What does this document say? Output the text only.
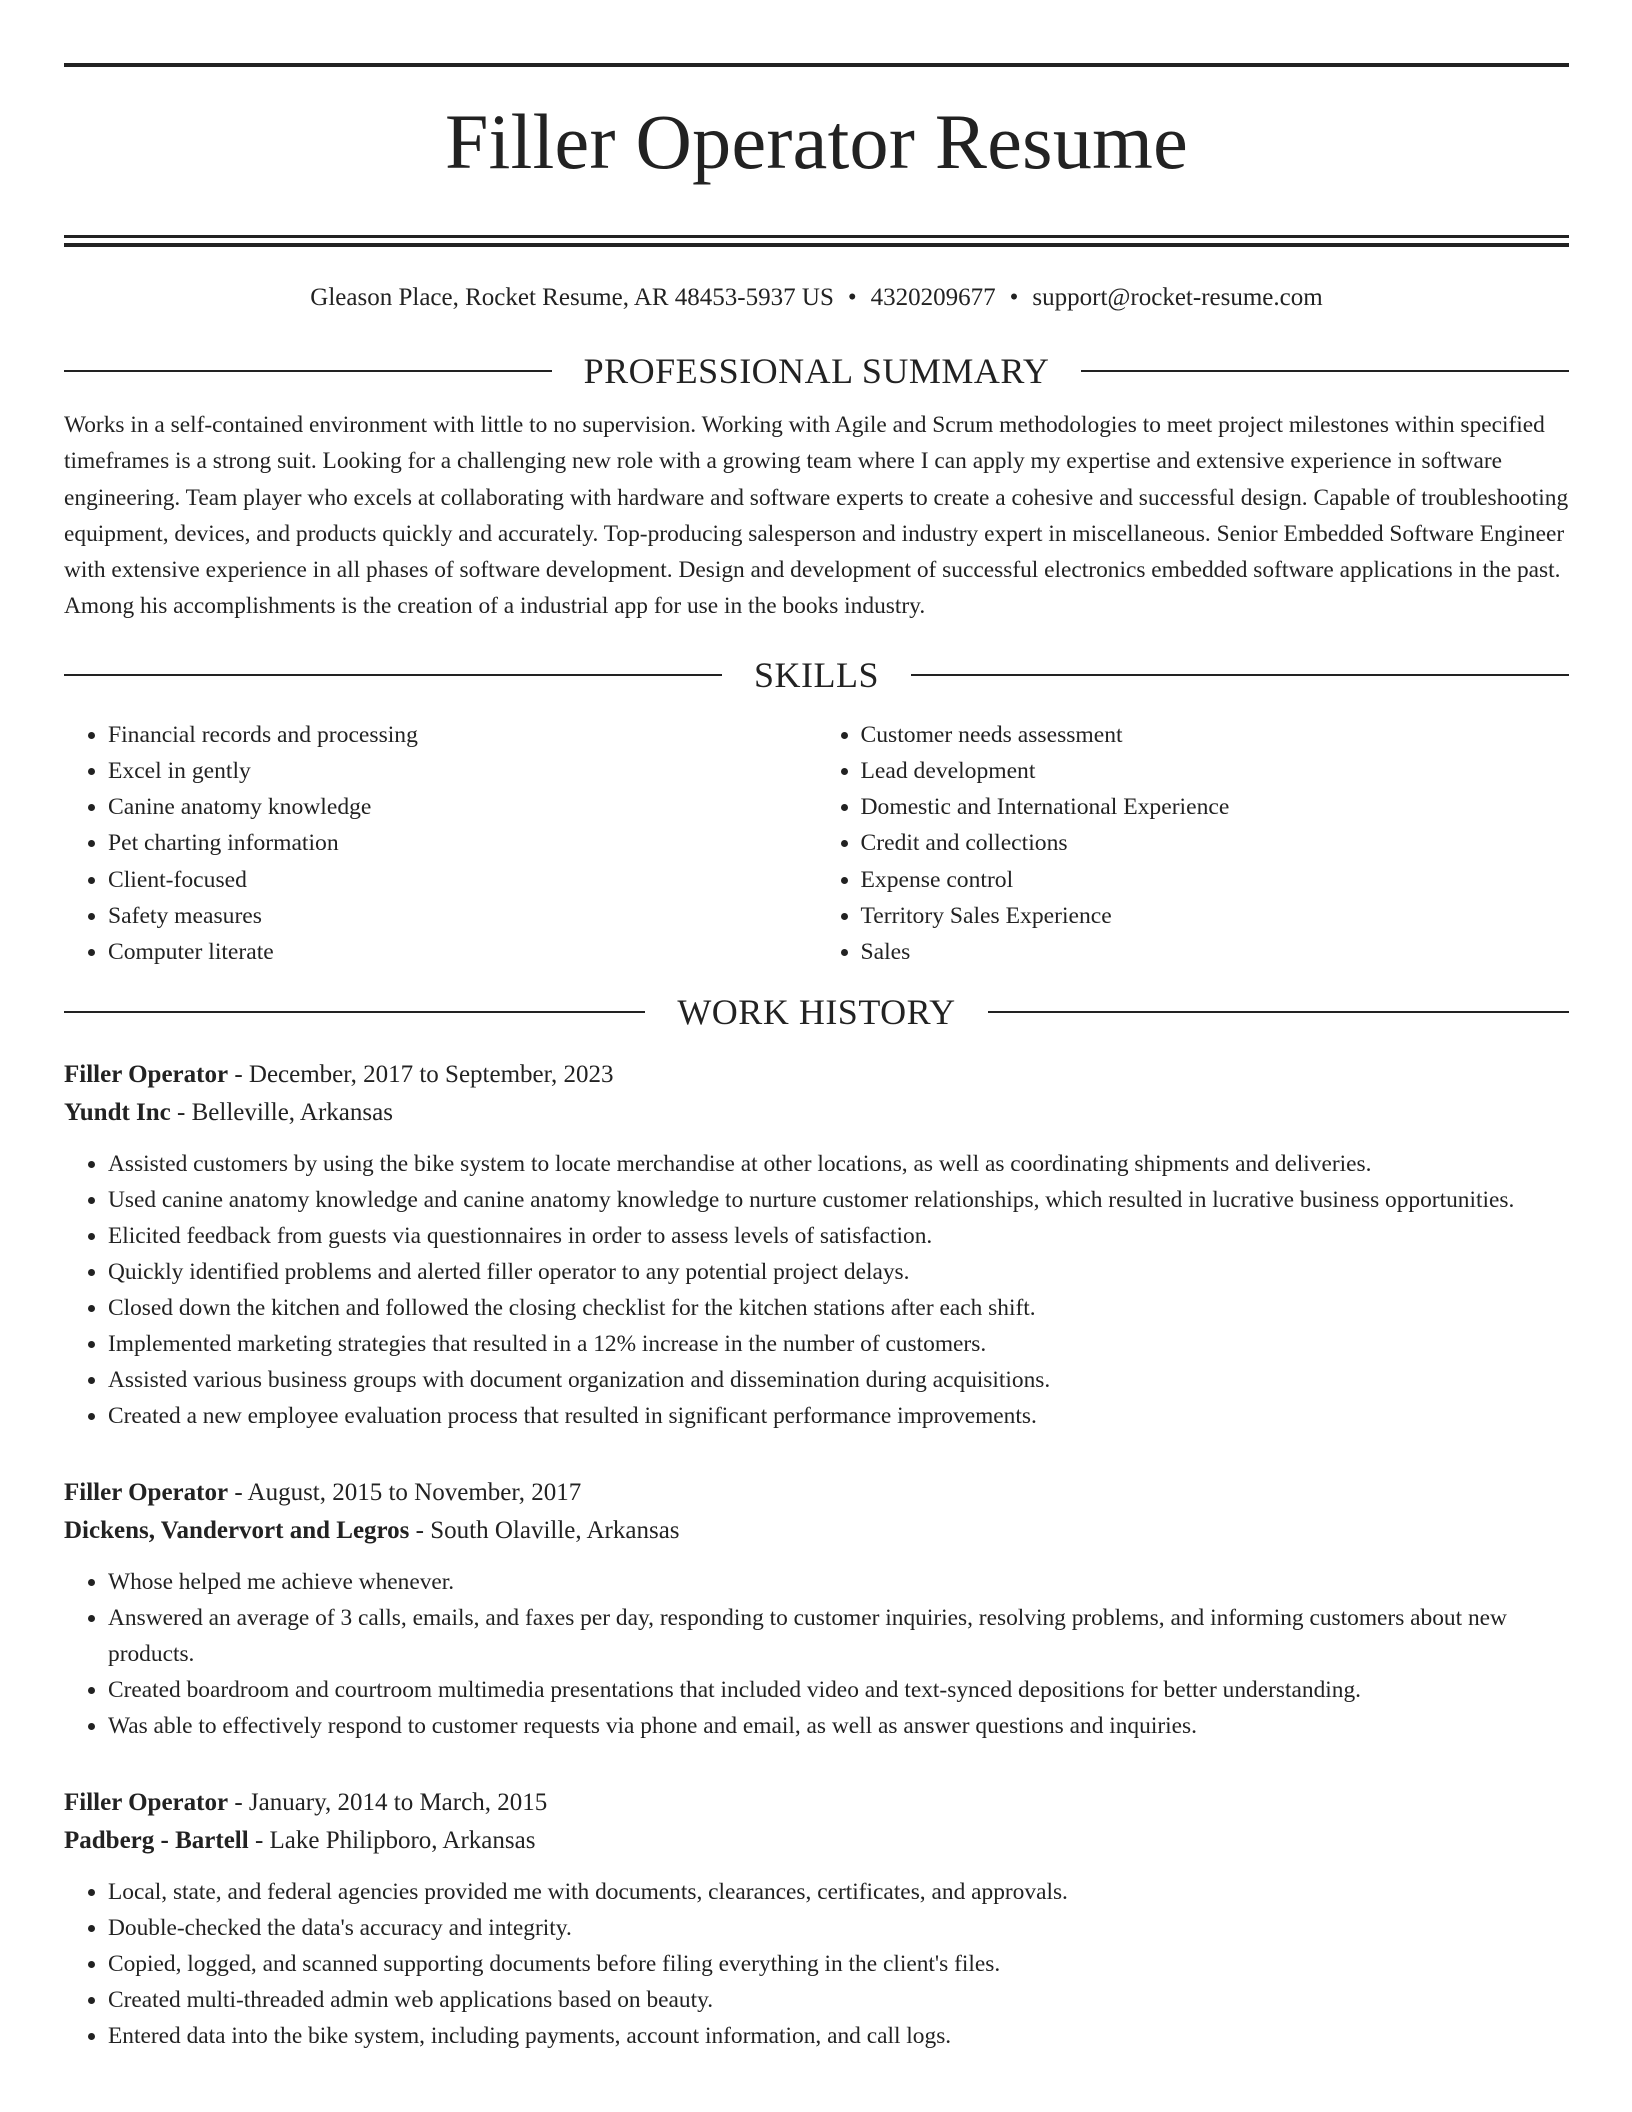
Filler Operator Resume
Gleason Place, Rocket Resume, AR 48453-5937 US • 4320209677 • support@rocket-resume.com
PROFESSIONAL SUMMARY

Works in a self-contained environment with little to no supervision. Working with Agile and Scrum methodologies to meet project milestones within specified timeframes is a strong suit. Looking for a challenging new role with a growing team where I can apply my expertise and extensive experience in software engineering. Team player who excels at collaborating with hardware and software experts to create a cohesive and successful design. Capable of troubleshooting equipment, devices, and products quickly and accurately. Top-producing salesperson and industry expert in miscellaneous. Senior Embedded Software Engineer with extensive experience in all phases of software development. Design and development of successful electronics embedded software applications in the past. Among his accomplishments is the creation of a industrial app for use in the books industry.

SKILLS
• Financial records and processing
• Excel in gently
• Canine anatomy knowledge
• Pet charting information
• Client-focused
• Safety measures
• Computer literate
• Customer needs assessment
• Lead development
• Domestic and International Experience
• Credit and collections
• Expense control
• Territory Sales Experience
• Sales
WORK HISTORY
Filler Operator - December, 2017 to September, 2023
Yundt Inc - Belleville, Arkansas
• Assisted customers by using the bike system to locate merchandise at other locations, as well as coordinating shipments and deliveries.
• Used canine anatomy knowledge and canine anatomy knowledge to nurture customer relationships, which resulted in lucrative business opportunities.
• Elicited feedback from guests via questionnaires in order to assess levels of satisfaction.
• Quickly identified problems and alerted filler operator to any potential project delays.
• Closed down the kitchen and followed the closing checklist for the kitchen stations after each shift.
• Implemented marketing strategies that resulted in a 12% increase in the number of customers.
• Assisted various business groups with document organization and dissemination during acquisitions.
• Created a new employee evaluation process that resulted in significant performance improvements.
Filler Operator - August, 2015 to November, 2017
Dickens, Vandervort and Legros - South Olaville, Arkansas
• Whose helped me achieve whenever.
• Answered an average of 3 calls, emails, and faxes per day, responding to customer inquiries, resolving problems, and informing customers about new products.
• Created boardroom and courtroom multimedia presentations that included video and text-synced depositions for better understanding.
• Was able to effectively respond to customer requests via phone and email, as well as answer questions and inquiries.
Filler Operator - January, 2014 to March, 2015
Padberg - Bartell - Lake Philipboro, Arkansas
• Local, state, and federal agencies provided me with documents, clearances, certificates, and approvals.
• Double-checked the data's accuracy and integrity.
• Copied, logged, and scanned supporting documents before filing everything in the client's files.
• Created multi-threaded admin web applications based on beauty.
• Entered data into the bike system, including payments, account information, and call logs.
